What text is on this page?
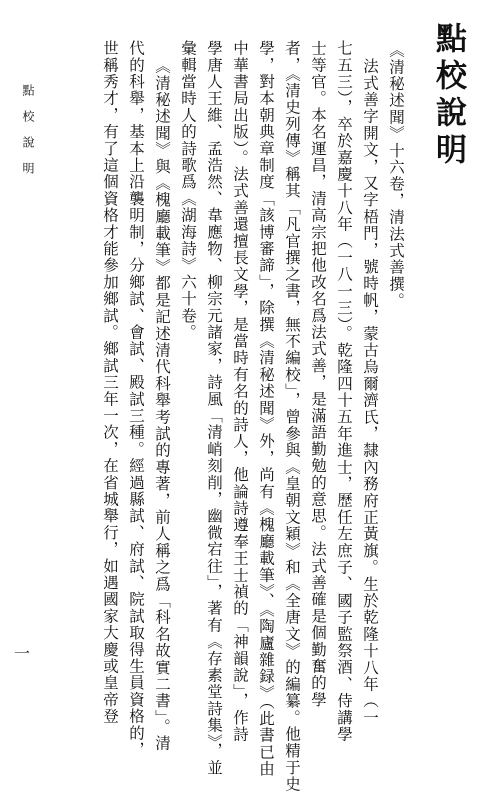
點校說明
《清秘述聞》十六卷，清法式善撰。
法式善字開文，又字梧門，號時帆，蒙古烏爾濟氏，隸內務府正黃旗。生於乾隆十八年（一
七五三），卒於嘉慶十八年（一八一三）。乾隆四十五年進士，歷任左庶子、國子監祭酒、侍講學
士等官。本名運昌，清高宗把他改名爲法式善，是滿語勤勉的意思。法式善確是個勤奮的學
者，《清史列傳》稱其「凡官撰之書，無不編校」，曾參與《皇朝文穎》和《全唐文》的編纂。他精于史
學，對本朝典章制度「該博審諦」，除撰《清秘述聞》外，尚有《槐廳載筆》、《陶廬雜録》（此書已由
中華書局出版）。法式善還擅長文學，是當時有名的詩人，他論詩遵奉王士禎的「神韻說」，作詩
學唐人王維、孟浩然、韋應物、柳宗元諸家，詩風「清峭刻削，幽微宕往」，著有《存素堂詩集》，並
彙輯當時人的詩歌爲《湖海詩》六十卷。
《清秘述聞》與《槐廳載筆》都是記述清代科舉考試的專著，前人稱之爲「科名故實二書」。清
代的科舉，基本上沿襲明制，分鄉試、會試、殿試三種。經過縣試、府試、院試取得生員資格的，
世稱秀才，有了這個資格才能參加鄉試。鄉試三年一次，在省城舉行，如遇國家大慶或皇帝登
點校說明
一
